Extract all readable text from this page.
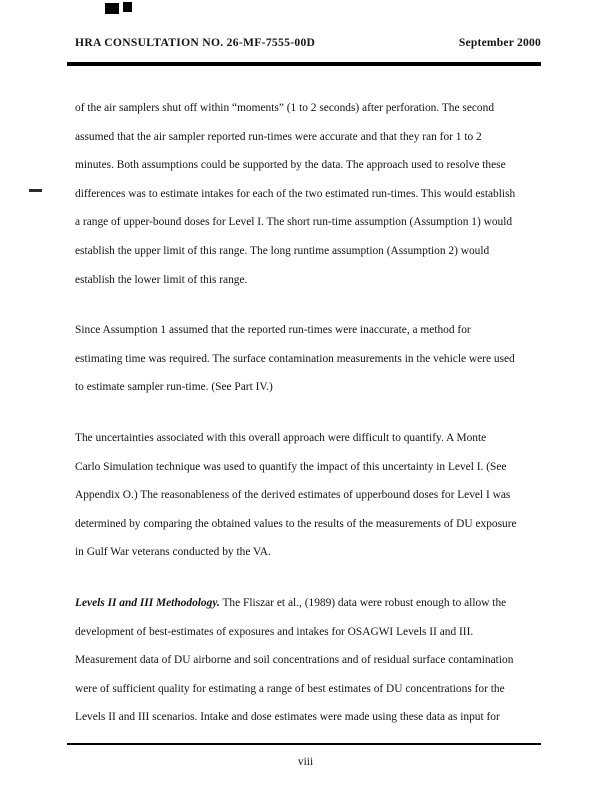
HRA CONSULTATION NO. 26-MF-7555-00D	September 2000
of the air samplers shut off within “moments” (1 to 2 seconds) after perforation. The second
assumed that the air sampler reported run-times were accurate and that they ran for 1 to 2
minutes. Both assumptions could be supported by the data. The approach used to resolve these
differences was to estimate intakes for each of the two estimated run-times. This would establish
a range of upper-bound doses for Level I. The short run-time assumption (Assumption 1) would
establish the upper limit of this range. The long runtime assumption (Assumption 2) would
establish the lower limit of this range.
Since Assumption 1 assumed that the reported run-times were inaccurate, a method for
estimating time was required. The surface contamination measurements in the vehicle were used
to estimate sampler run-time. (See Part IV.)
The uncertainties associated with this overall approach were difficult to quantify. A Monte
Carlo Simulation technique was used to quantify the impact of this uncertainty in Level I. (See
Appendix O.) The reasonableness of the derived estimates of upperbound doses for Level I was
determined by comparing the obtained values to the results of the measurements of DU exposure
in Gulf War veterans conducted by the VA.
Levels II and III Methodology. The Fliszar et al., (1989) data were robust enough to allow the
development of best-estimates of exposures and intakes for OSAGWI Levels II and III.
Measurement data of DU airborne and soil concentrations and of residual surface contamination
were of sufficient quality for estimating a range of best estimates of DU concentrations for the
Levels II and III scenarios. Intake and dose estimates were made using these data as input for
viii
